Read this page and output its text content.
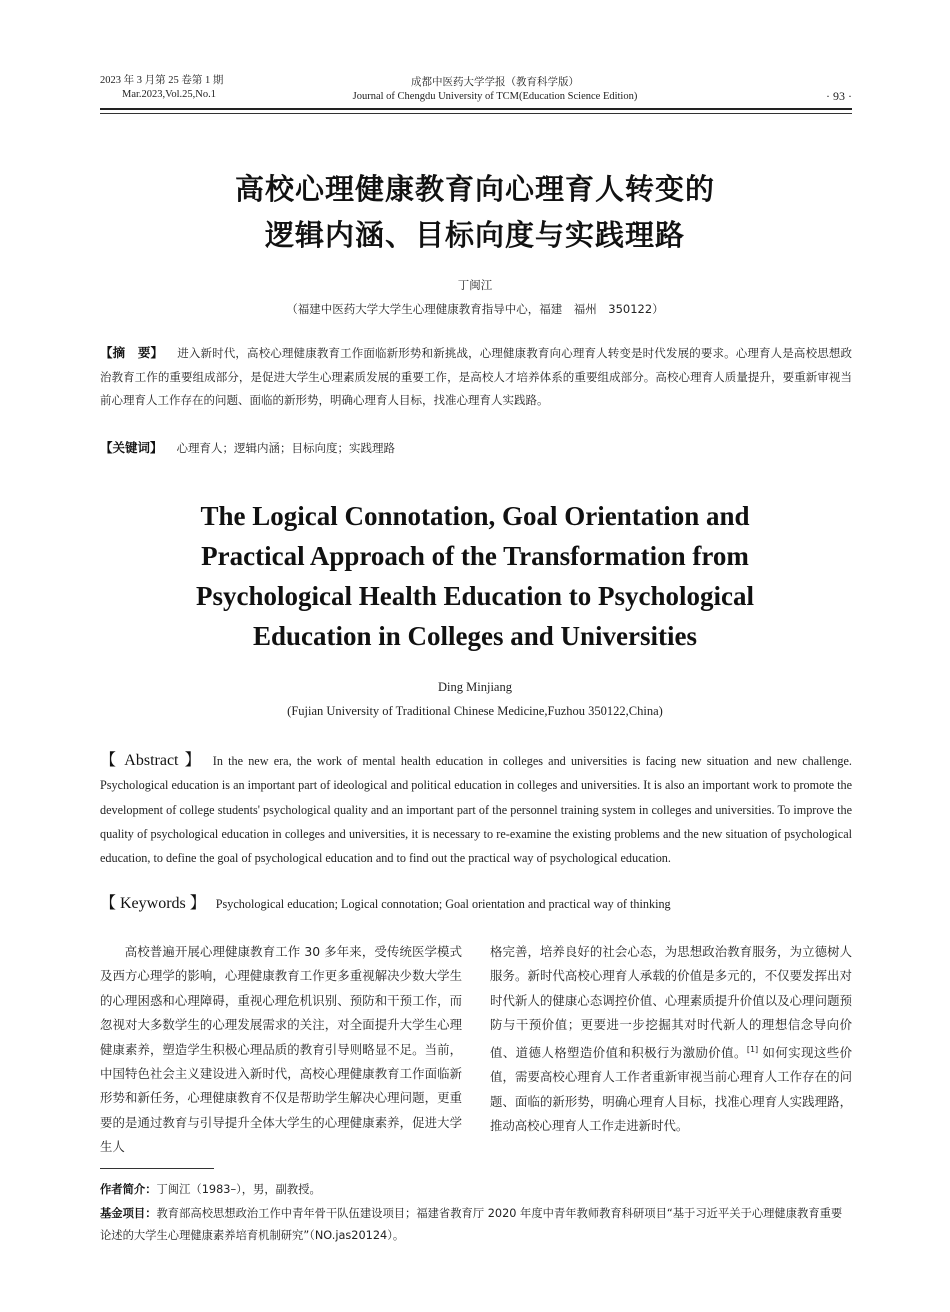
2023 年 3 月第 25 卷第 1 期
Mar.2023,Vol.25,No.1
成都中医药大学学报（教育科学版）
Journal of Chengdu University of TCM(Education Science Edition)	· 93 ·
高校心理健康教育向心理育人转变的
逻辑内涵、目标向度与实践理路
丁闽江
（福建中医药大学大学生心理健康教育指导中心，福建　福州　350122）
【摘　要】 进入新时代，高校心理健康教育工作面临新形势和新挑战，心理健康教育向心理育人转变是时代发展的要求。心理育人是高校思想政治教育工作的重要组成部分，是促进大学生心理素质发展的重要工作，是高校人才培养体系的重要组成部分。高校心理育人质量提升，要重新审视当前心理育人工作存在的问题、面临的新形势，明确心理育人目标，找准心理育人实践路。
【关键词】 心理育人；逻辑内涵；目标向度；实践理路
The Logical Connotation, Goal Orientation and
Practical Approach of the Transformation from
Psychological Health Education to Psychological
Education in Colleges and Universities
Ding Minjiang
(Fujian University of Traditional Chinese Medicine,Fuzhou 350122,China)
【 Abstract 】 In the new era, the work of mental health education in colleges and universities is facing new situation and new challenge. Psychological education is an important part of ideological and political education in colleges and universities. It is also an important work to promote the development of college students' psychological quality and an important part of the personnel training system in colleges and universities. To improve the quality of psychological education in colleges and universities, it is necessary to re-examine the existing problems and the new situation of psychological education, to define the goal of psychological education and to find out the practical way of psychological education.
【 Keywords 】 Psychological education; Logical connotation; Goal orientation and practical way of thinking

高校普遍开展心理健康教育工作 30 多年来，受传统医学模式及西方心理学的影响，心理健康教育工作更多重视解决少数大学生的心理困惑和心理障碍，重视心理危机识别、预防和干预工作，而忽视对大多数学生的心理发展需求的关注，对全面提升大学生心理健康素养，塑造学生积极心理品质的教育引导则略显不足。当前，中国特色社会主义建设进入新时代，高校心理健康教育工作面临新形势和新任务，心理健康教育不仅是帮助学生解决心理问题，更重要的是通过教育与引导提升全体大学生的心理健康素养，促进大学生人

格完善，培养良好的社会心态，为思想政治教育服务，为立德树人服务。新时代高校心理育人承载的价值是多元的，不仅要发挥出对时代新人的健康心态调控价值、心理素质提升价值以及心理问题预防与干预价值；更要进一步挖掘其对时代新人的理想信念导向价值、道德人格塑造价值和积极行为激励价值。[1] 如何实现这些价值，需要高校心理育人工作者重新审视当前心理育人工作存在的问题、面临的新形势，明确心理育人目标，找准心理育人实践理路，推动高校心理育人工作走进新时代。

作者简介：丁闽江（1983–），男，副教授。
基金项目：教育部高校思想政治工作中青年骨干队伍建设项目；福建省教育厅 2020 年度中青年教师教育科研项目“基于习近平关于心理健康教育重要论述的大学生心理健康素养培育机制研究”（NO.jas20124）。
